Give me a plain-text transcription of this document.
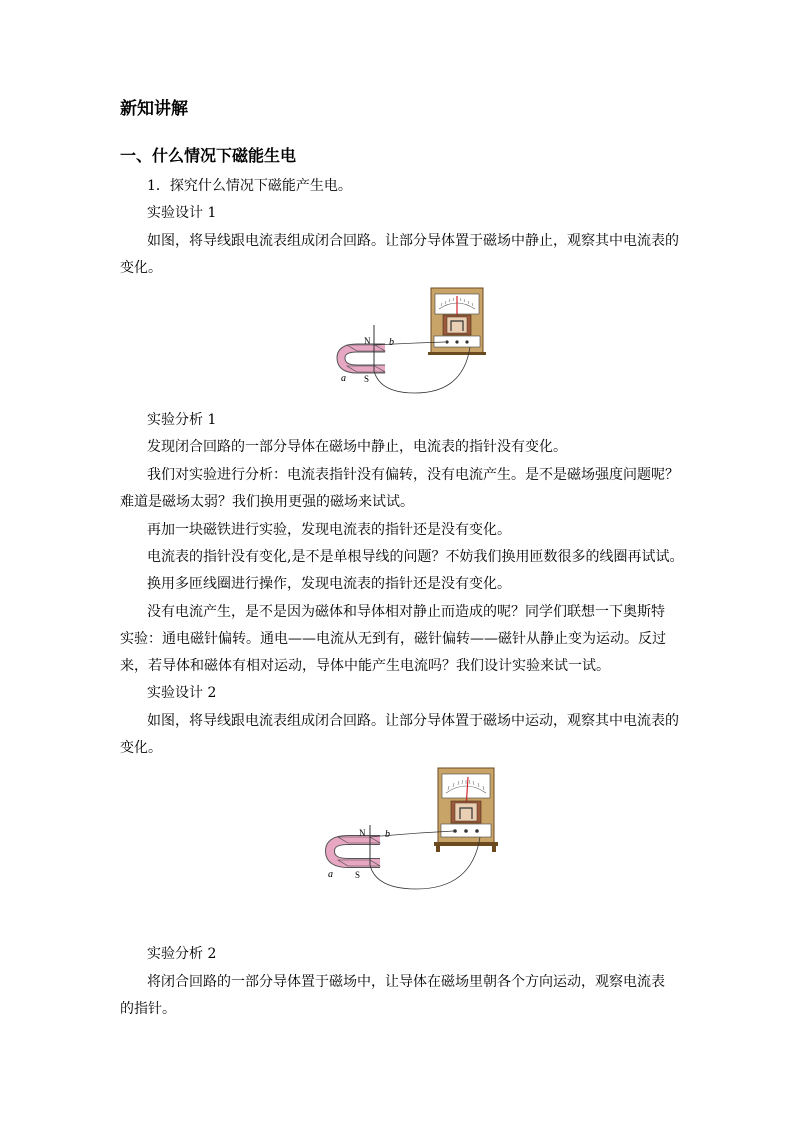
新知讲解
一、什么情况下磁能生电
1．探究什么情况下磁能产生电。
实验设计 1
如图，将导线跟电流表组成闭合回路。让部分导体置于磁场中静止，观察其中电流表的
变化。
N
S
a
b
实验分析 1
发现闭合回路的一部分导体在磁场中静止，电流表的指针没有变化。
我们对实验进行分析：电流表指针没有偏转，没有电流产生。是不是磁场强度问题呢？
难道是磁场太弱？我们换用更强的磁场来试试。
再加一块磁铁进行实验，发现电流表的指针还是没有变化。
电流表的指针没有变化,是不是单根导线的问题？不妨我们换用匝数很多的线圈再试试。
换用多匝线圈进行操作，发现电流表的指针还是没有变化。
没有电流产生，是不是因为磁体和导体相对静止而造成的呢？同学们联想一下奥斯特
实验：通电磁针偏转。通电——电流从无到有，磁针偏转——磁针从静止变为运动。反过
来，若导体和磁体有相对运动，导体中能产生电流吗？我们设计实验来试一试。
实验设计 2
如图，将导线跟电流表组成闭合回路。让部分导体置于磁场中运动，观察其中电流表的
变化。
N
S
a
b
实验分析 2
将闭合回路的一部分导体置于磁场中，让导体在磁场里朝各个方向运动，观察电流表
的指针。
